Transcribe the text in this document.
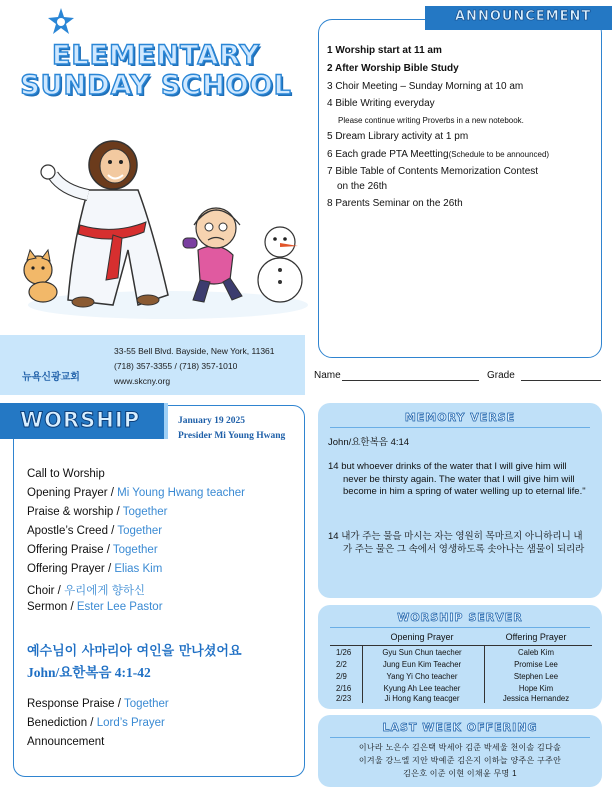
ELEMENTARY
SUNDAY SCHOOL
뉴욕신광교회
33-55 Bell Blvd. Bayside, New York, 11361
(718) 357-3355 / (718) 357-1010
www.skcny.org
ANNOUNCEMENT
1 Worship start at 11 am
2 After Worship Bible Study
3 Choir Meeting – Sunday Morning at 10 am
4 Bible Writing everyday
Please continue writing Proverbs in a new notebook.
5 Dream Library activity at 1 pm
6 Each grade PTA Meetting(Schedule to be announced)
7 Bible Table of Contents Memorization Contest
on the 26th
8 Parents Seminar on the 26th
Name	Grade
WORSHIP	January 19 2025
Presider Mi Young Hwang
Call to Worship
Opening Prayer / Mi Young Hwang teacher
Praise & worship / Together
Apostle’s Creed / Together
Offering Praise / Together
Offering Prayer / Elias Kim
Choir / 우리에게 향하신
Sermon / Ester Lee Pastor
예수님이 사마리아 여인을 만나셨어요
John/요한복음 4:1-42
Response Praise / Together
Benediction / Lord’s Prayer
Announcement
MEMORY VERSE
John/요한복음 4:14
14 but whoever drinks of the water that I will give him will never be thirsty again. The water that I will give him will become in him a spring of water welling up to eternal life."
14 내가 주는 물을 마시는 자는 영원히 목마르지 아니하리니 내가 주는 물은 그 속에서 영생하도록 솟아나는 샘물이 되리라
WORSHIP SERVER
Opening Prayer	Offering Prayer
1/26	Gyu Sun Chun taecher	Caleb Kim
2/2	Jung Eun Kim Teacher	Promise Lee
2/9	Yang Yi Cho teacher	Stephen Lee
2/16	Kyung Ah Lee teacher	Hope Kim
2/23	Ji Hong Kang teacger	Jessica Hernandez
LAST WEEK OFFERING
이나라 노은수 김은택 박세아 김준 박세울 천이솔 김다솔
이겨울 강느엘 지안 박예준 김은지 이하늘 양주은 구주안
김은호 이준 이현 이채윤 무명 1
